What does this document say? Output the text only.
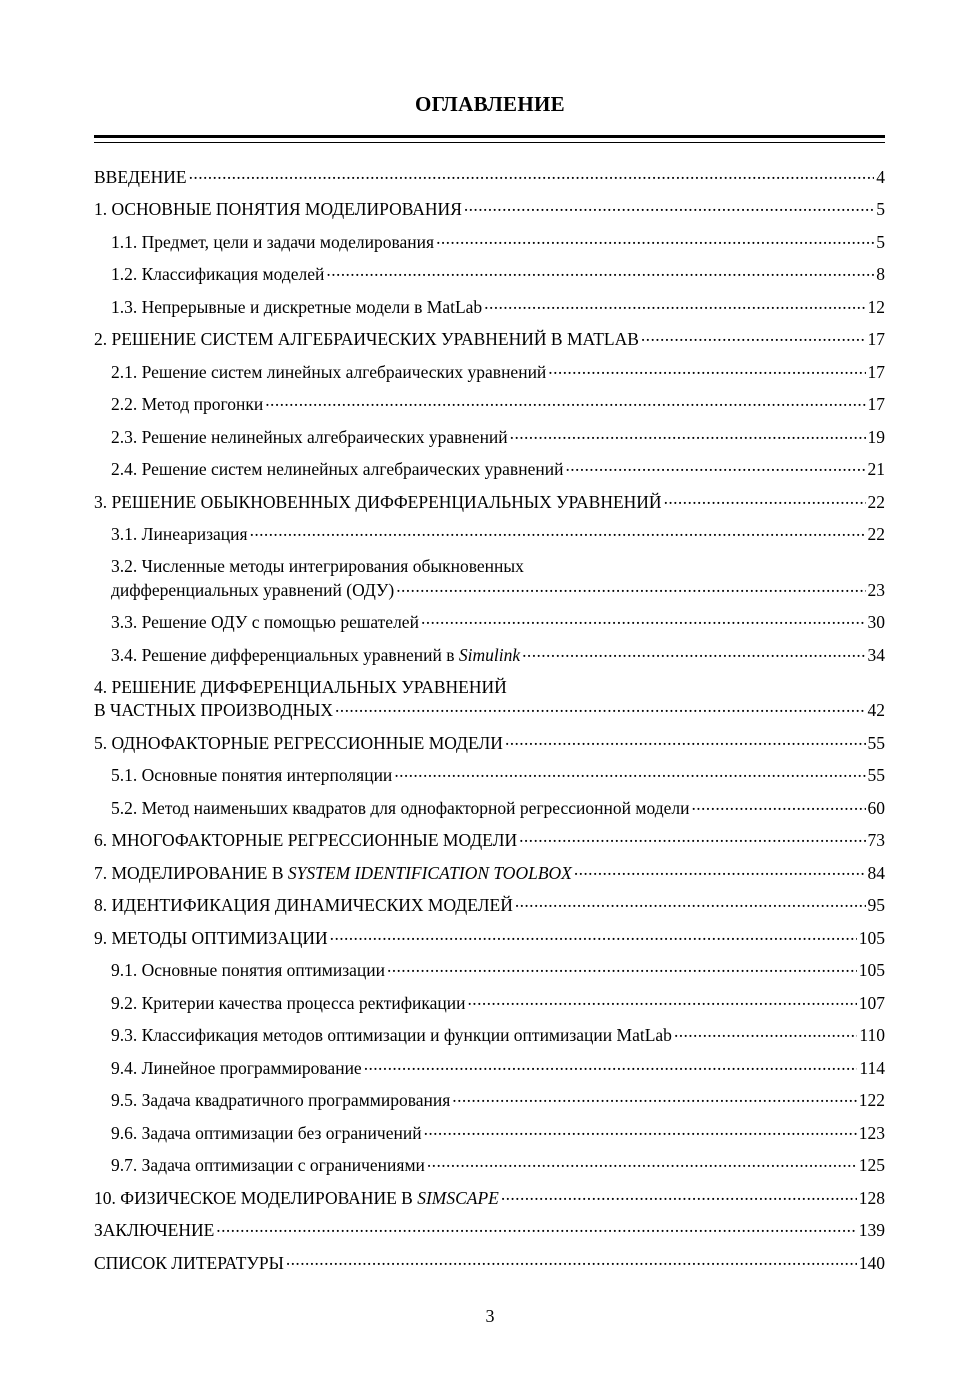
ОГЛАВЛЕНИЕ
ВВЕДЕНИЕ .....	4
1. ОСНОВНЫЕ ПОНЯТИЯ МОДЕЛИРОВАНИЯ .....	5
1.1. Предмет, цели и задачи моделирования .....	5
1.2. Классификация моделей .....	8
1.3. Непрерывные и дискретные модели в MatLab .....	12
2. РЕШЕНИЕ СИСТЕМ АЛГЕБРАИЧЕСКИХ УРАВНЕНИЙ В MATLAB .....	17
2.1. Решение систем линейных алгебраических уравнений .....	17
2.2. Метод прогонки .....	17
2.3. Решение нелинейных алгебраических уравнений .....	19
2.4. Решение систем нелинейных алгебраических уравнений .....	21
3. РЕШЕНИЕ ОБЫКНОВЕННЫХ ДИФФЕРЕНЦИАЛЬНЫХ УРАВНЕНИЙ .....	22
3.1. Линеаризация .....	22
3.2. Численные методы интегрирования обыкновенных
дифференциальных уравнений (ОДУ) .....	23
3.3. Решение ОДУ с помощью решателей .....	30
3.4. Решение дифференциальных уравнений в Simulink .....	34
4. РЕШЕНИЕ ДИФФЕРЕНЦИАЛЬНЫХ УРАВНЕНИЙ
В ЧАСТНЫХ ПРОИЗВОДНЫХ .....	42
5. ОДНОФАКТОРНЫЕ РЕГРЕССИОННЫЕ МОДЕЛИ .....	55
5.1. Основные понятия интерполяции .....	55
5.2. Метод наименьших квадратов для однофакторной регрессионной модели .....	60
6. МНОГОФАКТОРНЫЕ РЕГРЕССИОННЫЕ МОДЕЛИ .....	73
7. МОДЕЛИРОВАНИЕ В SYSTEM IDENTIFICATION TOOLBOX .....	84
8. ИДЕНТИФИКАЦИЯ ДИНАМИЧЕСКИХ МОДЕЛЕЙ .....	95
9. МЕТОДЫ ОПТИМИЗАЦИИ .....	105
9.1. Основные понятия оптимизации .....	105
9.2. Критерии качества процесса ректификации .....	107
9.3. Классификация методов оптимизации и функции оптимизации MatLab .....	110
9.4. Линейное программирование .....	114
9.5. Задача квадратичного программирования .....	122
9.6. Задача оптимизации без ограничений .....	123
9.7. Задача оптимизации с ограничениями .....	125
10. ФИЗИЧЕСКОЕ МОДЕЛИРОВАНИЕ В SIMSCAPE .....	128
ЗАКЛЮЧЕНИЕ .....	139
СПИСОК ЛИТЕРАТУРЫ .....	140
3
